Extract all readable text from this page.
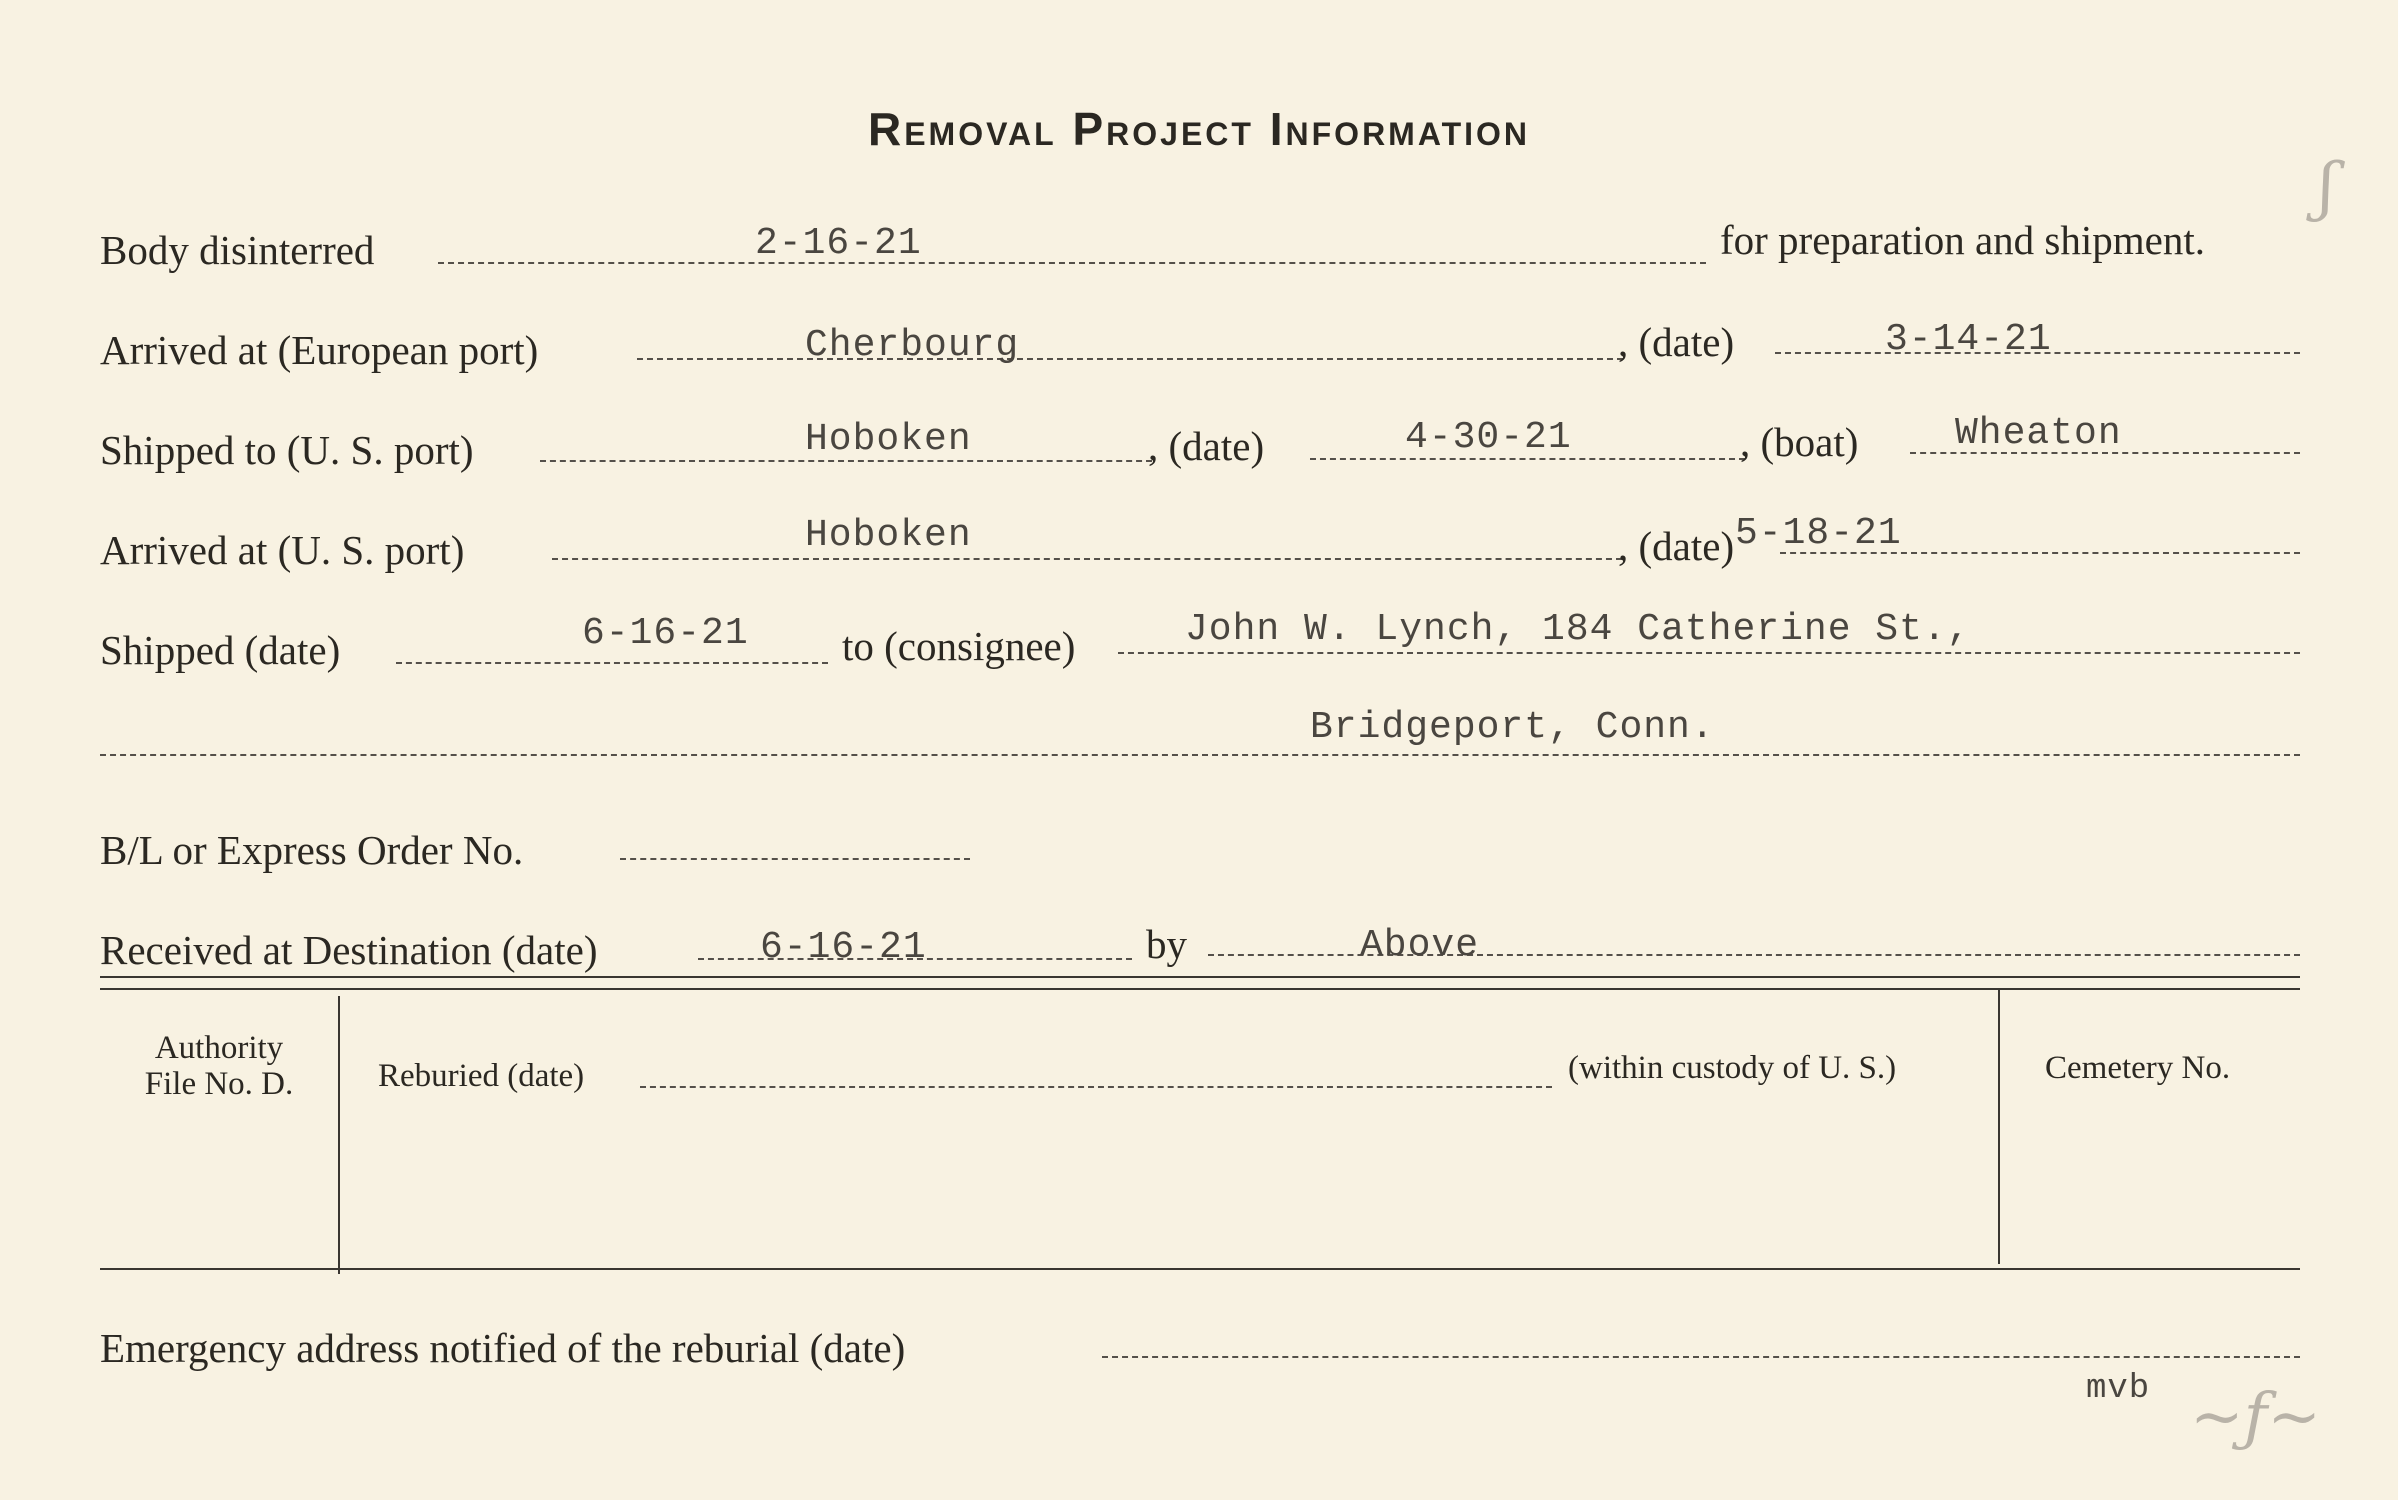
Removal Project Information
Body disinterred	2-16-21	for preparation and shipment.
Arrived at (European port)	Cherbourg	, (date)	3-14-21
Shipped to (U. S. port)	Hoboken	, (date)	4-30-21	, (boat)	Wheaton
Arrived at (U. S. port)	Hoboken	, (date) 5-18-21
Shipped (date)	6-16-21 to (consignee)	John W. Lynch, 184 Catherine St.,
Bridgeport, Conn.
B/L or Express Order No.
Received at Destination (date)	6-16-21	by	Above
Authority
File No. D.	Reburied (date)	(within custody of U. S.)	Cemetery No.
Emergency address notified of the reburial (date)
mvb
ʃ
~ƒ~
